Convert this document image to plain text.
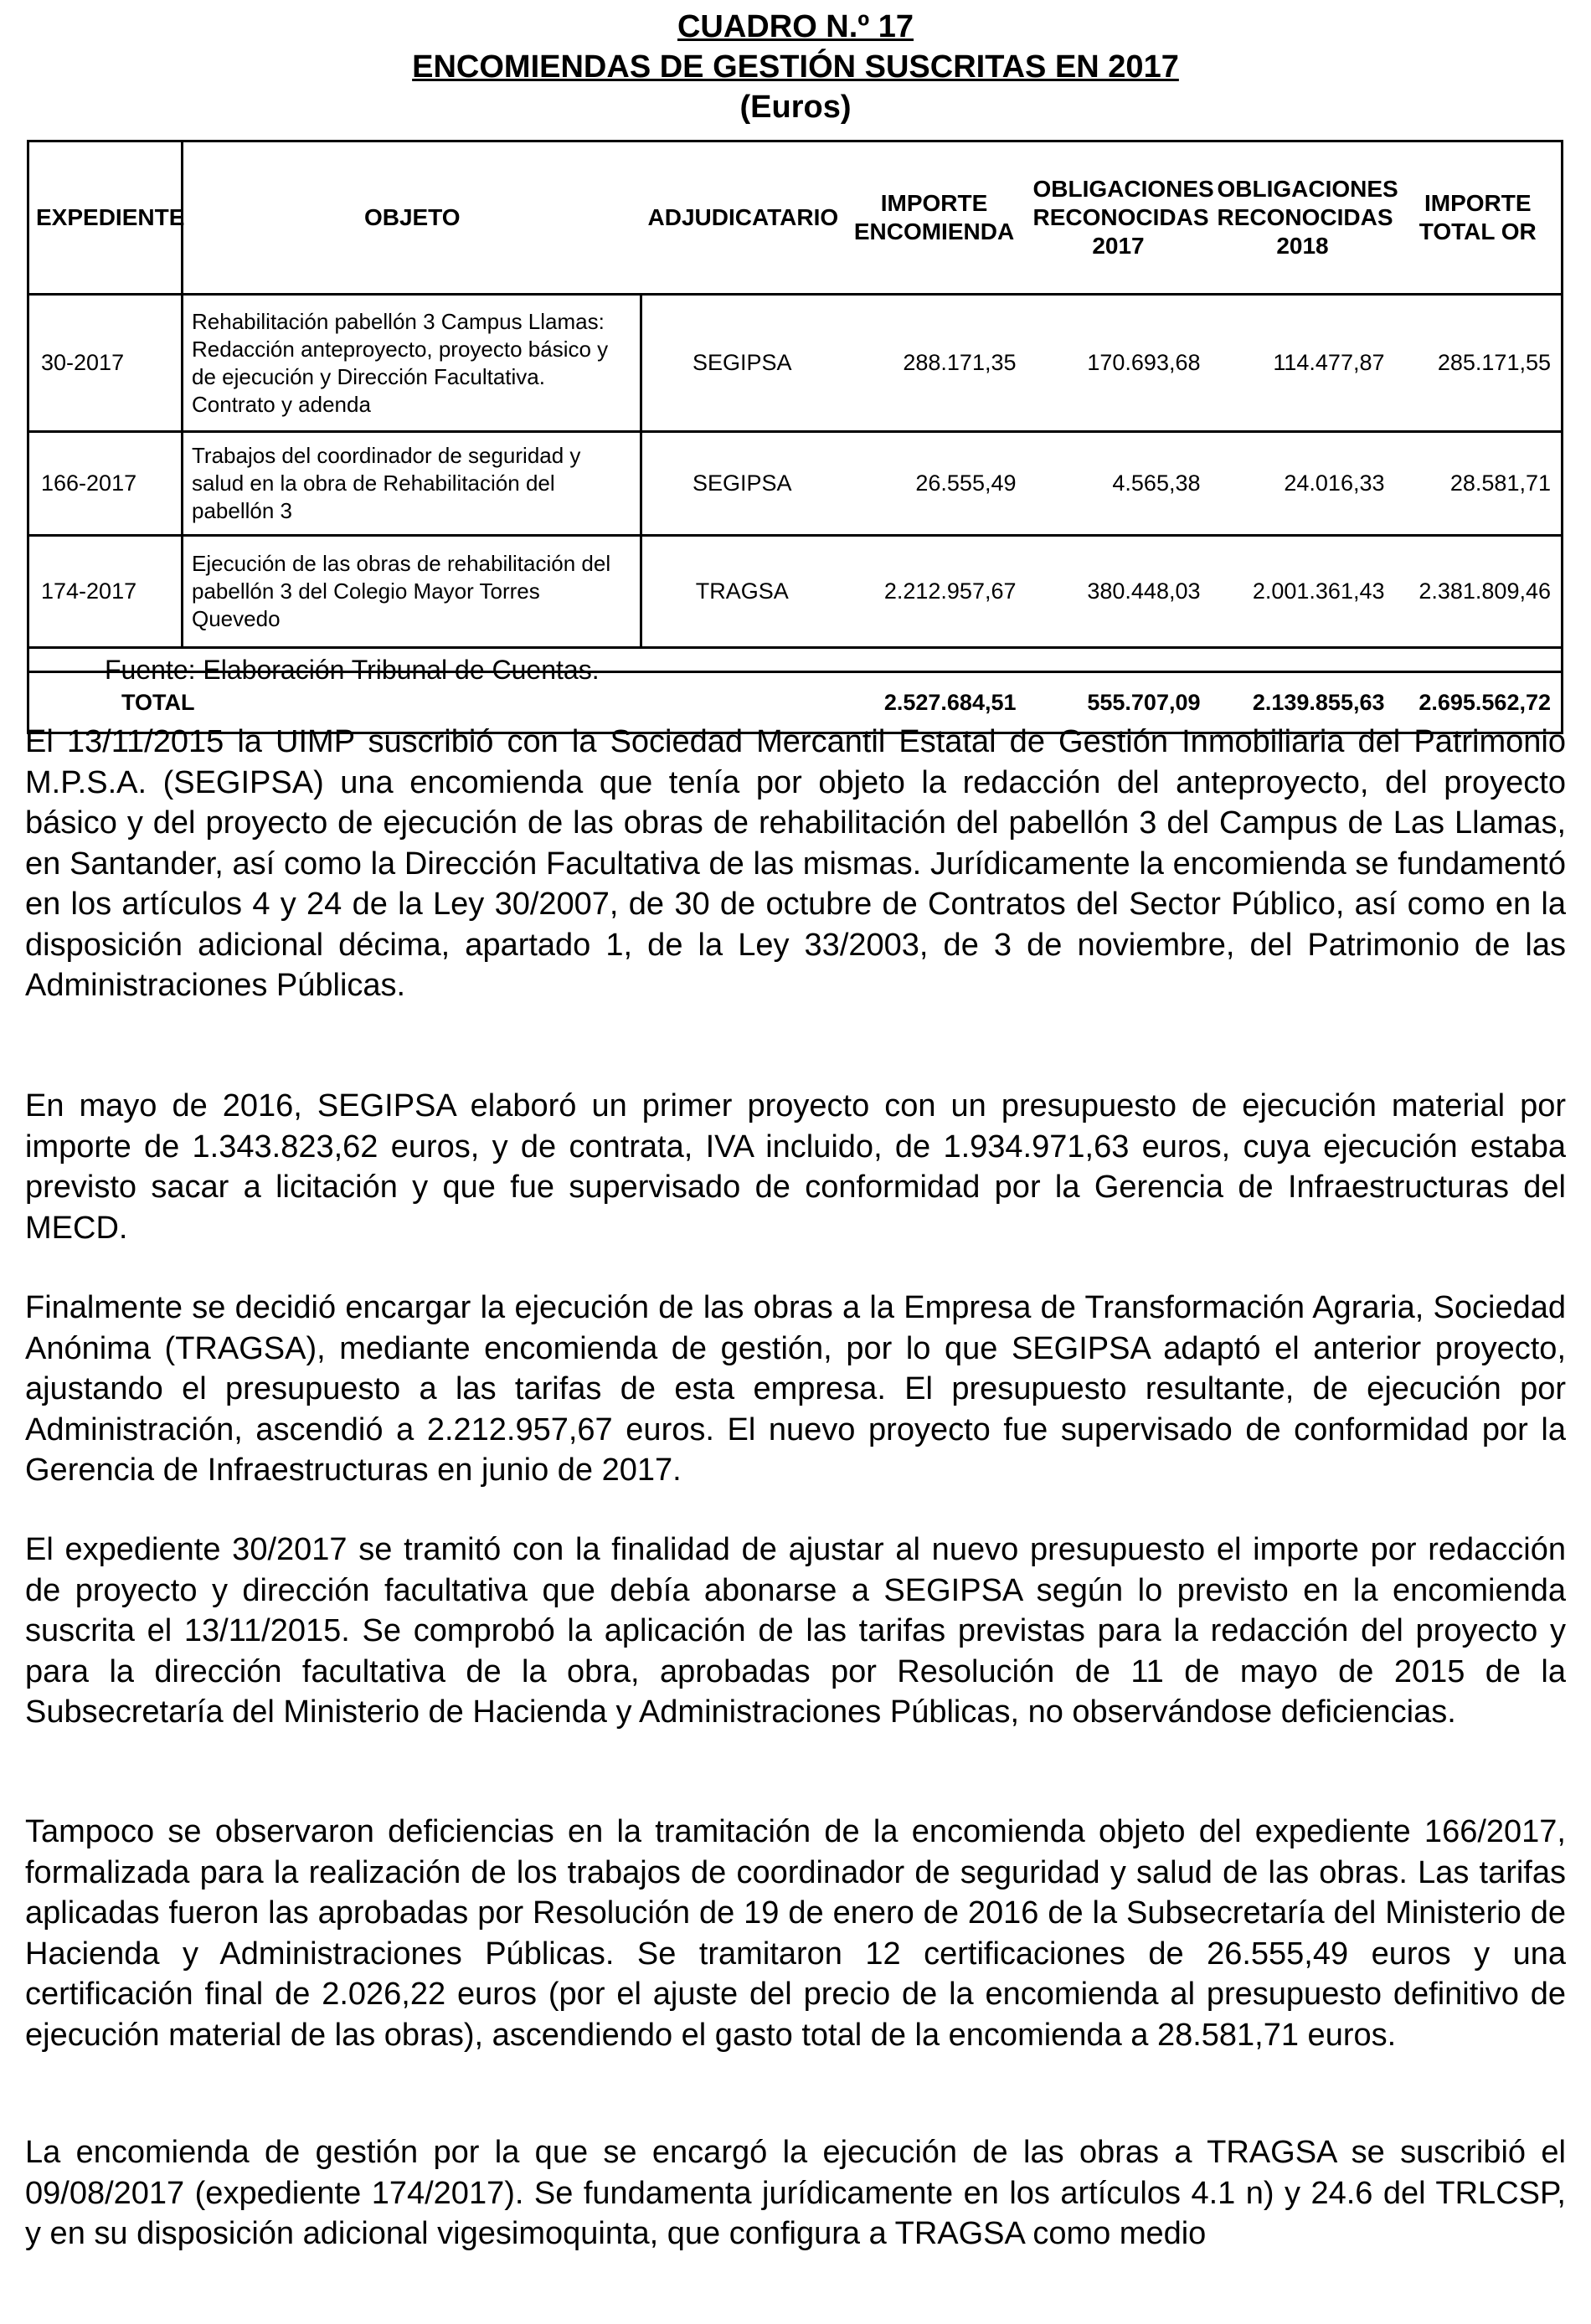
CUADRO N.º 17
ENCOMIENDAS DE GESTIÓN SUSCRITAS EN 2017
(Euros)
EXPEDIENTE	OBJETO	ADJUDICATARIO	IMPORTE ENCOMIENDA	OBLIGACIONES RECONOCIDAS 2017	OBLIGACIONES RECONOCIDAS 2018	IMPORTE TOTAL OR
30-2017	Rehabilitación pabellón 3 Campus Llamas: Redacción anteproyecto, proyecto básico y de ejecución y Dirección Facultativa. Contrato y adenda	SEGIPSA	288.171,35	170.693,68	114.477,87	285.171,55
166-2017	Trabajos del coordinador de seguridad y salud en la obra de Rehabilitación del pabellón 3	SEGIPSA	26.555,49	4.565,38	24.016,33	28.581,71
174-2017	Ejecución de las obras de rehabilitación del pabellón 3 del Colegio Mayor Torres Quevedo	TRAGSA	2.212.957,67	380.448,03	2.001.361,43	2.381.809,46

TOTAL			2.527.684,51	555.707,09	2.139.855,63	2.695.562,72
Fuente: Elaboración Tribunal de Cuentas.

El 13/11/2015 la UIMP suscribió con la Sociedad Mercantil Estatal de Gestión Inmobiliaria del Patrimonio M.P.S.A. (SEGIPSA) una encomienda que tenía por objeto la redacción del anteproyecto, del proyecto básico y del proyecto de ejecución de las obras de rehabilitación del pabellón 3 del Campus de Las Llamas, en Santander, así como la Dirección Facultativa de las mismas. Jurídicamente la encomienda se fundamentó en los artículos 4 y 24 de la Ley 30/2007, de 30 de octubre de Contratos del Sector Público, así como en la disposición adicional décima, apartado 1, de la Ley 33/2003, de 3 de noviembre, del Patrimonio de las Administraciones Públicas.

En mayo de 2016, SEGIPSA elaboró un primer proyecto con un presupuesto de ejecución material por importe de 1.343.823,62 euros, y de contrata, IVA incluido, de 1.934.971,63 euros, cuya ejecución estaba previsto sacar a licitación y que fue supervisado de conformidad por la Gerencia de Infraestructuras del MECD.

Finalmente se decidió encargar la ejecución de las obras a la Empresa de Transformación Agraria, Sociedad Anónima (TRAGSA), mediante encomienda de gestión, por lo que SEGIPSA adaptó el anterior proyecto, ajustando el presupuesto a las tarifas de esta empresa. El presupuesto resultante, de ejecución por Administración, ascendió a 2.212.957,67 euros. El nuevo proyecto fue supervisado de conformidad por la Gerencia de Infraestructuras en junio de 2017.

El expediente 30/2017 se tramitó con la finalidad de ajustar al nuevo presupuesto el importe por redacción de proyecto y dirección facultativa que debía abonarse a SEGIPSA según lo previsto en la encomienda suscrita el 13/11/2015. Se comprobó la aplicación de las tarifas previstas para la redacción del proyecto y para la dirección facultativa de la obra, aprobadas por Resolución de 11 de mayo de 2015 de la Subsecretaría del Ministerio de Hacienda y Administraciones Públicas, no observándose deficiencias.

Tampoco se observaron deficiencias en la tramitación de la encomienda objeto del expediente 166/2017, formalizada para la realización de los trabajos de coordinador de seguridad y salud de las obras. Las tarifas aplicadas fueron las aprobadas por Resolución de 19 de enero de 2016 de la Subsecretaría del Ministerio de Hacienda y Administraciones Públicas. Se tramitaron 12 certificaciones de 26.555,49 euros y una certificación final de 2.026,22 euros (por el ajuste del precio de la encomienda al presupuesto definitivo de ejecución material de las obras), ascendiendo el gasto total de la encomienda a 28.581,71 euros.

La encomienda de gestión por la que se encargó la ejecución de las obras a TRAGSA se suscribió el 09/08/2017 (expediente 174/2017). Se fundamenta jurídicamente en los artículos 4.1 n) y 24.6 del TRLCSP, y en su disposición adicional vigesimoquinta, que configura a TRAGSA como medio
